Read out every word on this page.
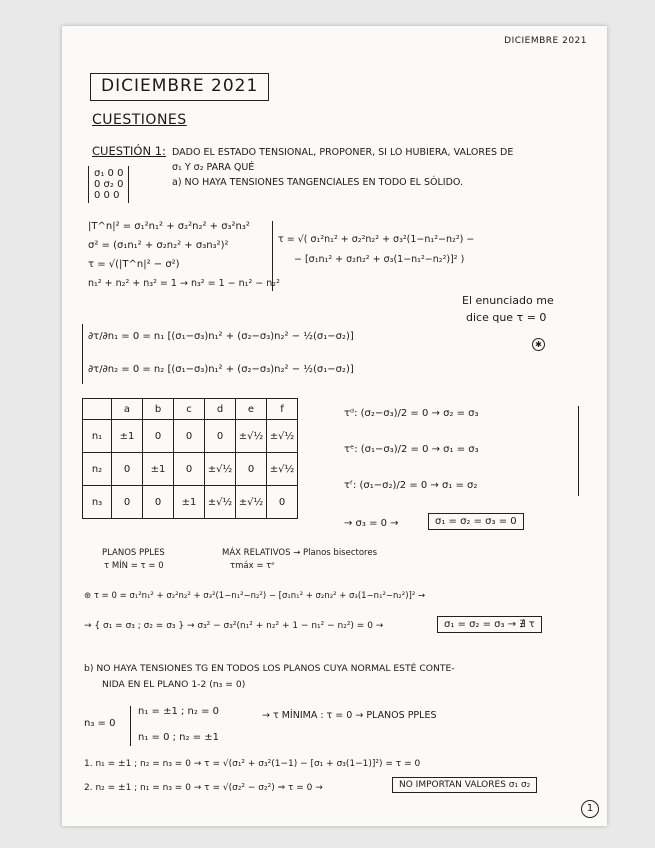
DICIEMBRE 2021
DICIEMBRE 2021
CUESTIONES
CUESTIÓN 1:
σ₁ 0 0
0 σ₂ 0
0 0 0
DADO EL ESTADO TENSIONAL, PROPONER, SI LO HUBIERA, VALORES DE
σ₁ Y σ₂ PARA QUÉ
a) NO HAYA TENSIONES TANGENCIALES EN TODO EL SÓLIDO.
|T^n|² = σ₁²n₁² + σ₂²n₂² + σ₃²n₃²
σ² = (σ₁n₁² + σ₂n₂² + σ₃n₃²)²
τ = √(|T^n|² − σ²)
n₁² + n₂² + n₃² = 1 → n₃² = 1 − n₁² − n₂²
τ = √( σ₁²n₁² + σ₂²n₂² + σ₃²(1−n₁²−n₂²) −
− [σ₁n₁² + σ₂n₂² + σ₃(1−n₁²−n₂²)]² )
El enunciado me
dice que τ = 0
✱
∂τ/∂n₁ = 0 = n₁ [(σ₁−σ₃)n₁² + (σ₂−σ₃)n₂² − ½(σ₁−σ₂)]
∂τ/∂n₂ = 0 = n₂ [(σ₁−σ₃)n₁² + (σ₂−σ₃)n₂² − ½(σ₁−σ₂)]
	a	b	c	d	e	f
n₁	±1	0	0	0	±√½	±√½
n₂	0	±1	0	±√½	0	±√½
n₃	0	0	±1	±√½	±√½	0
PLANOS PPLES
τ MÍN = τ = 0
MÁX RELATIVOS → Planos bisectores
τmáx = τᵉ
τᵈ: (σ₂−σ₃)/2 = 0 → σ₂ = σ₃
τᵉ: (σ₁−σ₃)/2 = 0 → σ₁ = σ₃
τᶠ: (σ₁−σ₂)/2 = 0 → σ₁ = σ₂
→ σ₃ = 0 →	σ₁ = σ₂ = σ₃ = 0
⊛ τ = 0 = σ₁²n₁² + σ₂²n₂² + σ₃²(1−n₁²−n₂²) − [σ₁n₁² + σ₂n₂² + σ₃(1−n₁²−n₂²)]² →
→ { σ₁ = σ₃ ; σ₂ = σ₃ } → σ₃² − σ₃²(n₁² + n₂² + 1 − n₁² − n₂²) = 0 →	σ₁ = σ₂ = σ₃ → ∄ τ
b) NO HAYA TENSIONES TG EN TODOS LOS PLANOS CUYA NORMAL ESTÉ CONTE-
NIDA EN EL PLANO 1-2 (n₃ = 0)
n₃ = 0
n₁ = ±1 ; n₂ = 0
n₁ = 0 ; n₂ = ±1
→ τ MÍNIMA : τ = 0 → PLANOS PPLES
1. n₁ = ±1 ; n₂ = n₃ = 0 → τ = √(σ₁² + σ₃²(1−1) − [σ₁ + σ₃(1−1)]²) = τ = 0
2. n₂ = ±1 ; n₁ = n₃ = 0 → τ = √(σ₂² − σ₂²) ⇒ τ = 0 →	NO IMPORTAN VALORES σ₁ σ₂
1
